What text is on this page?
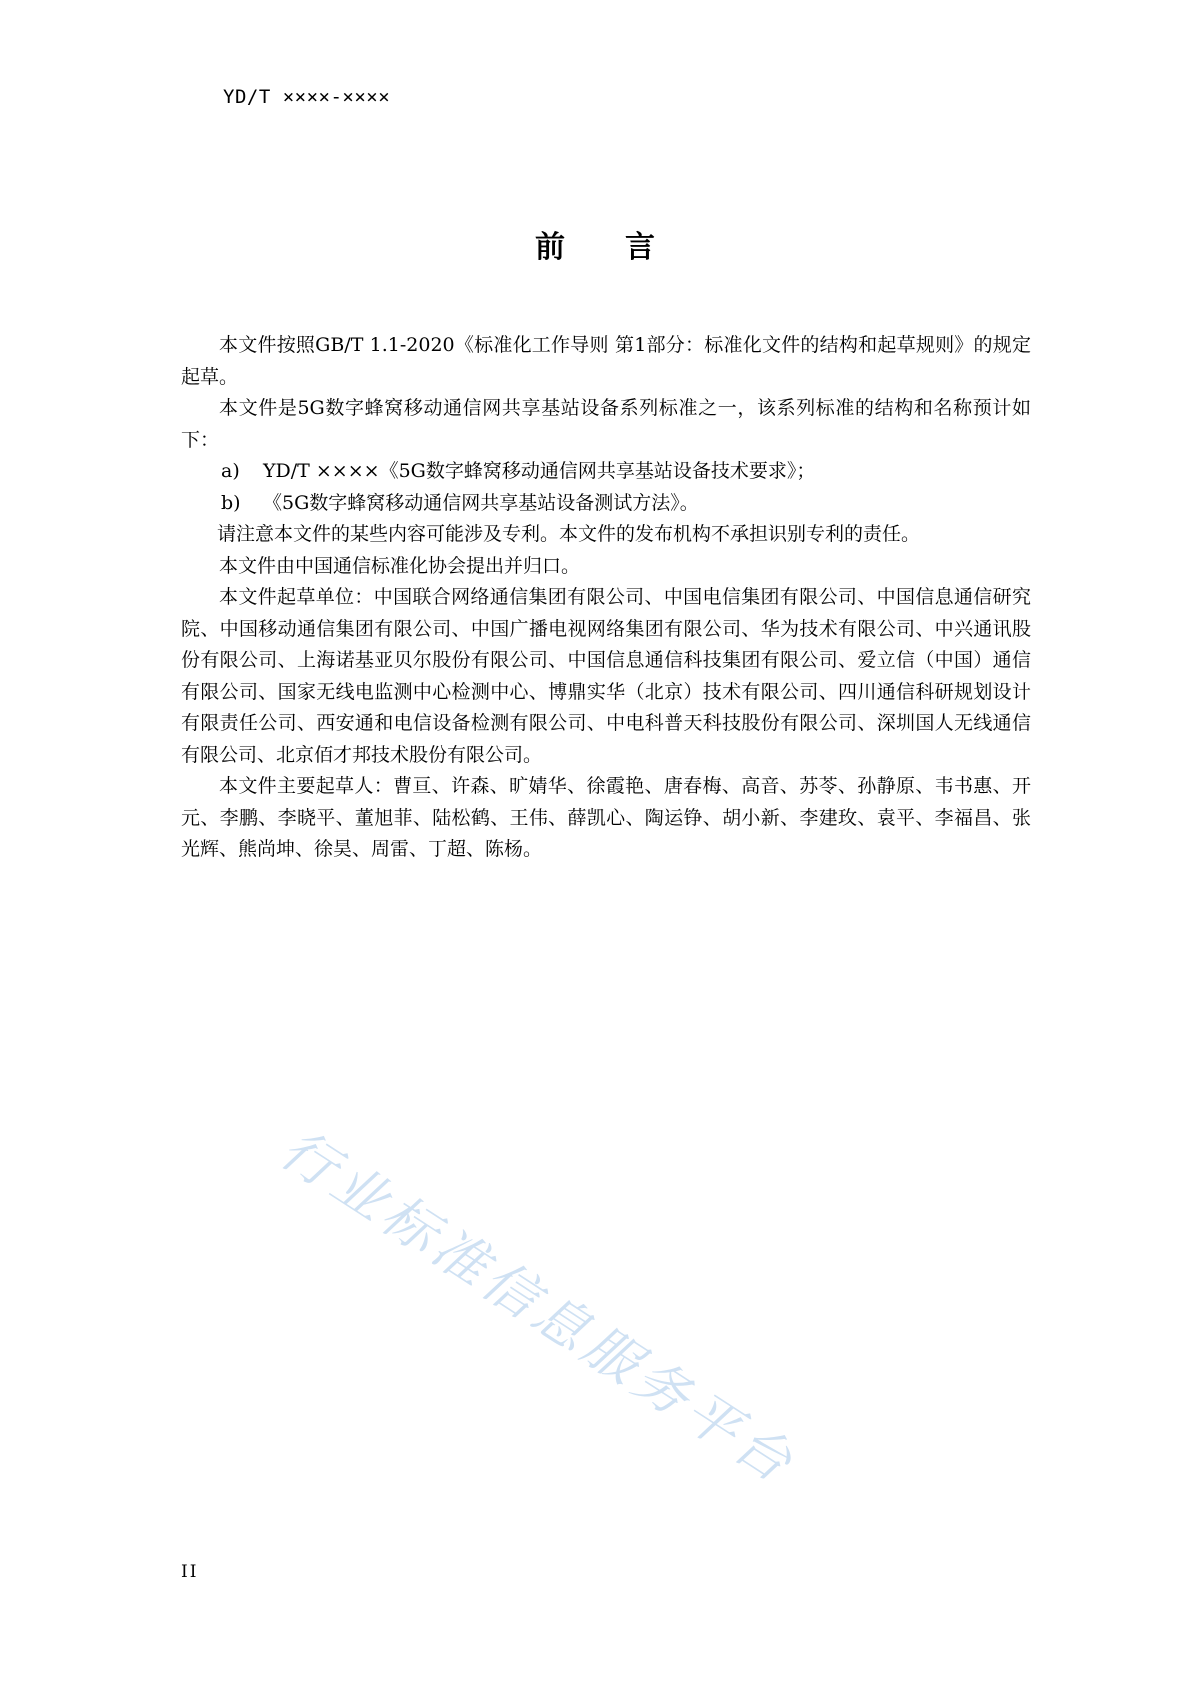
YD/T ××××-××××
前言

本文件按照GB/T 1.1-2020《标准化工作导则 第1部分：标准化文件的结构和起草规则》的规定起草。

本文件是5G数字蜂窝移动通信网共享基站设备系列标准之一，该系列标准的结构和名称预计如下：

a)	YD/T ××××《5G数字蜂窝移动通信网共享基站设备技术要求》；
b)	《5G数字蜂窝移动通信网共享基站设备测试方法》。

请注意本文件的某些内容可能涉及专利。本文件的发布机构不承担识别专利的责任。

本文件由中国通信标准化协会提出并归口。

本文件起草单位：中国联合网络通信集团有限公司、中国电信集团有限公司、中国信息通信研究院、中国移动通信集团有限公司、中国广播电视网络集团有限公司、华为技术有限公司、中兴通讯股份有限公司、上海诺基亚贝尔股份有限公司、中国信息通信科技集团有限公司、爱立信（中国）通信有限公司、国家无线电监测中心检测中心、博鼎实华（北京）技术有限公司、四川通信科研规划设计有限责任公司、西安通和电信设备检测有限公司、中电科普天科技股份有限公司、深圳国人无线通信有限公司、北京佰才邦技术股份有限公司。

本文件主要起草人：曹亘、许森、旷婧华、徐霞艳、唐春梅、高音、苏苓、孙静原、韦书惠、开元、李鹏、李晓平、董旭菲、陆松鹤、王伟、薛凯心、陶运铮、胡小新、李建玫、袁平、李福昌、张光辉、熊尚坤、徐昊、周雷、丁超、陈杨。

行业标准信息服务平台
II
